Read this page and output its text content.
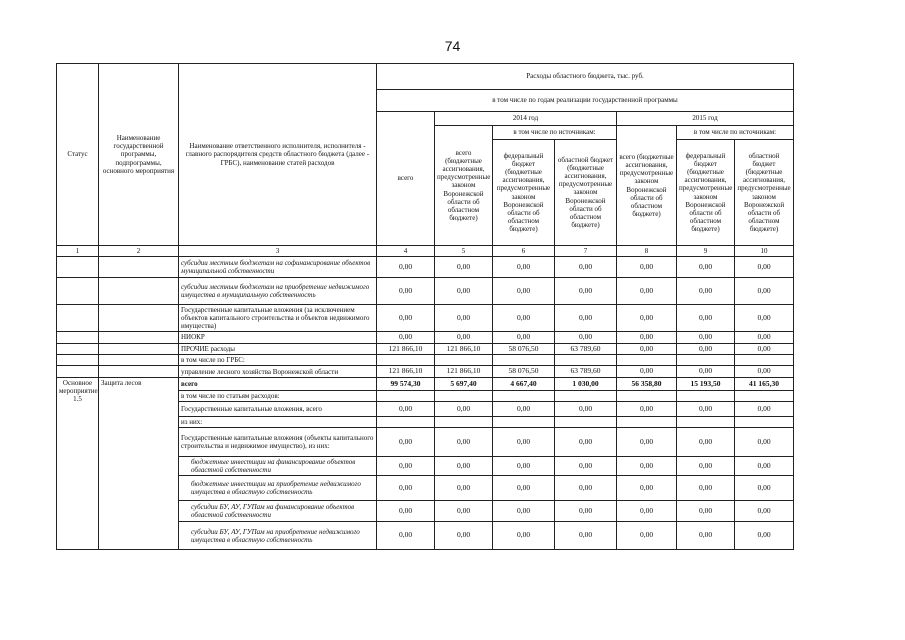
74
Статус	Наименование государственной программы, подпрограммы, основного мероприятия	Наименование ответственного исполнителя, исполнителя - главного распорядителя средств областного бюджета (далее - ГРБС), наименование статей расходов	Расходы областного бюджета, тыс. руб.						
			в том числе по годам реализации государственной программы						
			всего	2014 год			2015 год		
				всего (бюджетные ассигнования, предусмотренные законом Воронежской области об областном бюджете)	в том числе по источникам:		всего (бюджетные ассигнования, предусмотренные законом Воронежской области об областном бюджете)	в том числе по источникам:	
					федеральный бюджет (бюджетные ассигнования, предусмотренные законом Воронежской области об областном бюджете)	областной бюджет (бюджетные ассигнования, предусмотренные законом Воронежской области об областном бюджете)		федеральный бюджет (бюджетные ассигнования, предусмотренные законом Воронежской области об областном бюджете)	областной бюджет (бюджетные ассигнования, предусмотренные законом Воронежской области об областном бюджете)
1	2	3	4	5	6	7	8	9	10
		субсидии местным бюджетам на софинансирование объектов муниципальной собственности	0,00	0,00	0,00	0,00	0,00	0,00	0,00
		субсидии местным бюджетам на приобретение недвижимого имущества в муниципальную собственность	0,00	0,00	0,00	0,00	0,00	0,00	0,00
		Государственные капитальные вложения (за исключением объектов капитального строительства и объектов недвижимого имущества)	0,00	0,00	0,00	0,00	0,00	0,00	0,00
		НИОКР	0,00	0,00	0,00	0,00	0,00	0,00	0,00
		ПРОЧИЕ расходы	121 866,10	121 866,10	58 076,50	63 789,60	0,00	0,00	0,00
		в том числе по ГРБС:							
		управление лесного хозяйства Воронежской области	121 866,10	121 866,10	58 076,50	63 789,60	0,00	0,00	0,00
Основное мероприятие 1.5	Защита лесов	всего	99 574,30	5 697,40	4 667,40	1 030,00	56 358,80	15 193,50	41 165,30
		в том числе по статьям расходов:							
		Государственные капитальные вложения, всего	0,00	0,00	0,00	0,00	0,00	0,00	0,00
		из них:							
		Государственные капитальные вложения (объекты капитального строительства и недвижимое имущество), из них:	0,00	0,00	0,00	0,00	0,00	0,00	0,00
		бюджетные инвестиции на финансирование объектов областной собственности	0,00	0,00	0,00	0,00	0,00	0,00	0,00
		бюджетные инвестиции на приобретение недвижимого имущества в областную собственность	0,00	0,00	0,00	0,00	0,00	0,00	0,00
		субсидии БУ, АУ, ГУПам на финансирование объектов областной собственности	0,00	0,00	0,00	0,00	0,00	0,00	0,00
		субсидии БУ, АУ, ГУПам на приобретение недвижимого имущества в областную собственность	0,00	0,00	0,00	0,00	0,00	0,00	0,00
